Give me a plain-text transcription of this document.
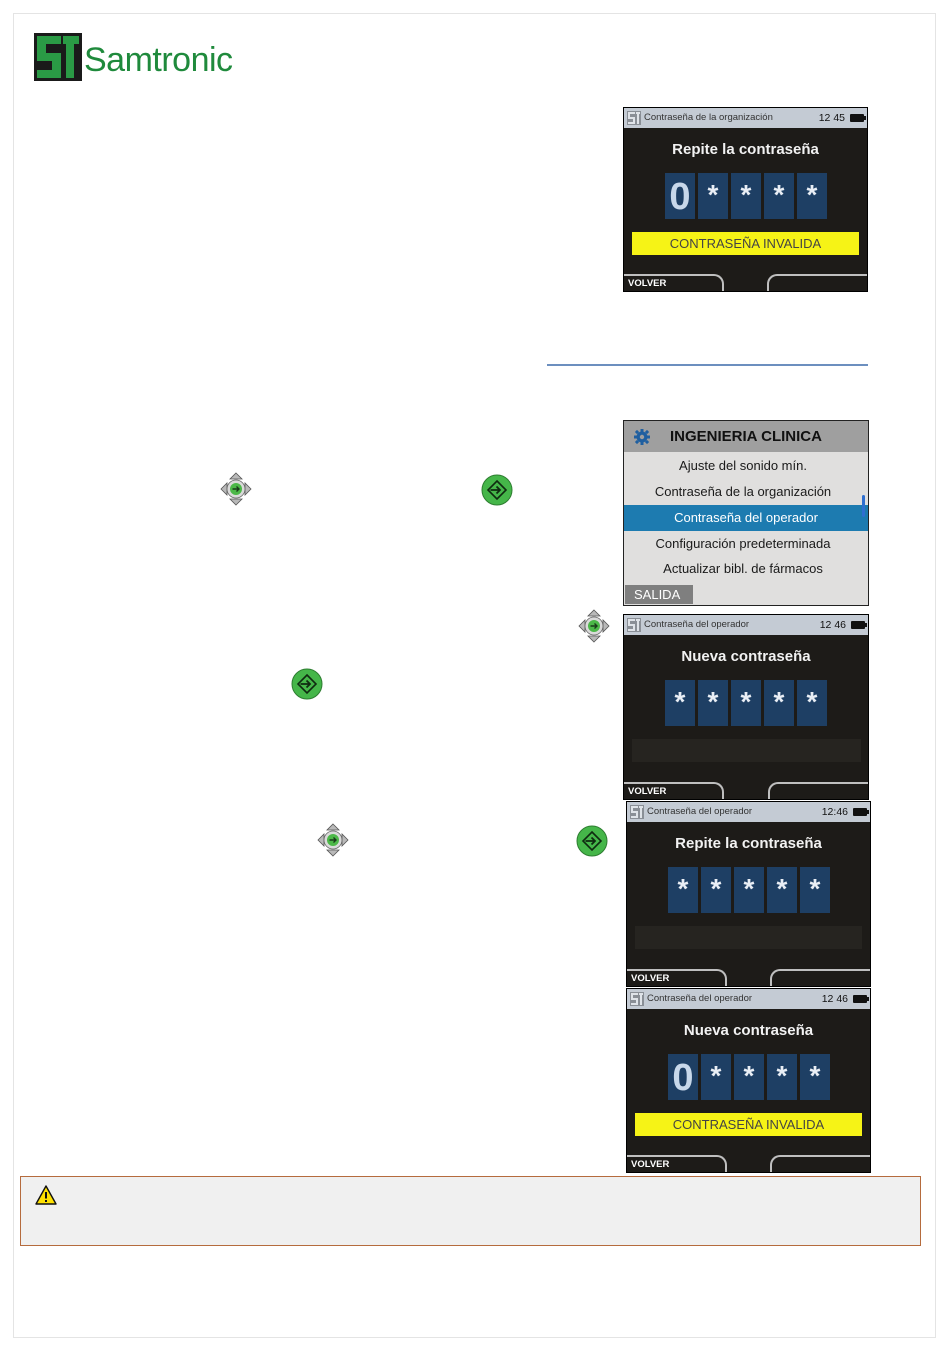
Samtronic
Contraseña de la organización	12 45
Repite la contraseña
0 * * * *
CONTRASEÑA INVALIDA
VOLVER
INGENIERIA CLINICA
Ajuste del sonido mín.
Contraseña de la organización
Contraseña del operador
Configuración predeterminada
Actualizar bibl. de fármacos
SALIDA
Contraseña del operador	12 46
Nueva contraseña
* * * * *
VOLVER
Contraseña del operador	12:46
Repite la contraseña
* * * * *
VOLVER
Contraseña del operador	12 46
Nueva contraseña
0 * * * *
CONTRASEÑA INVALIDA
VOLVER
